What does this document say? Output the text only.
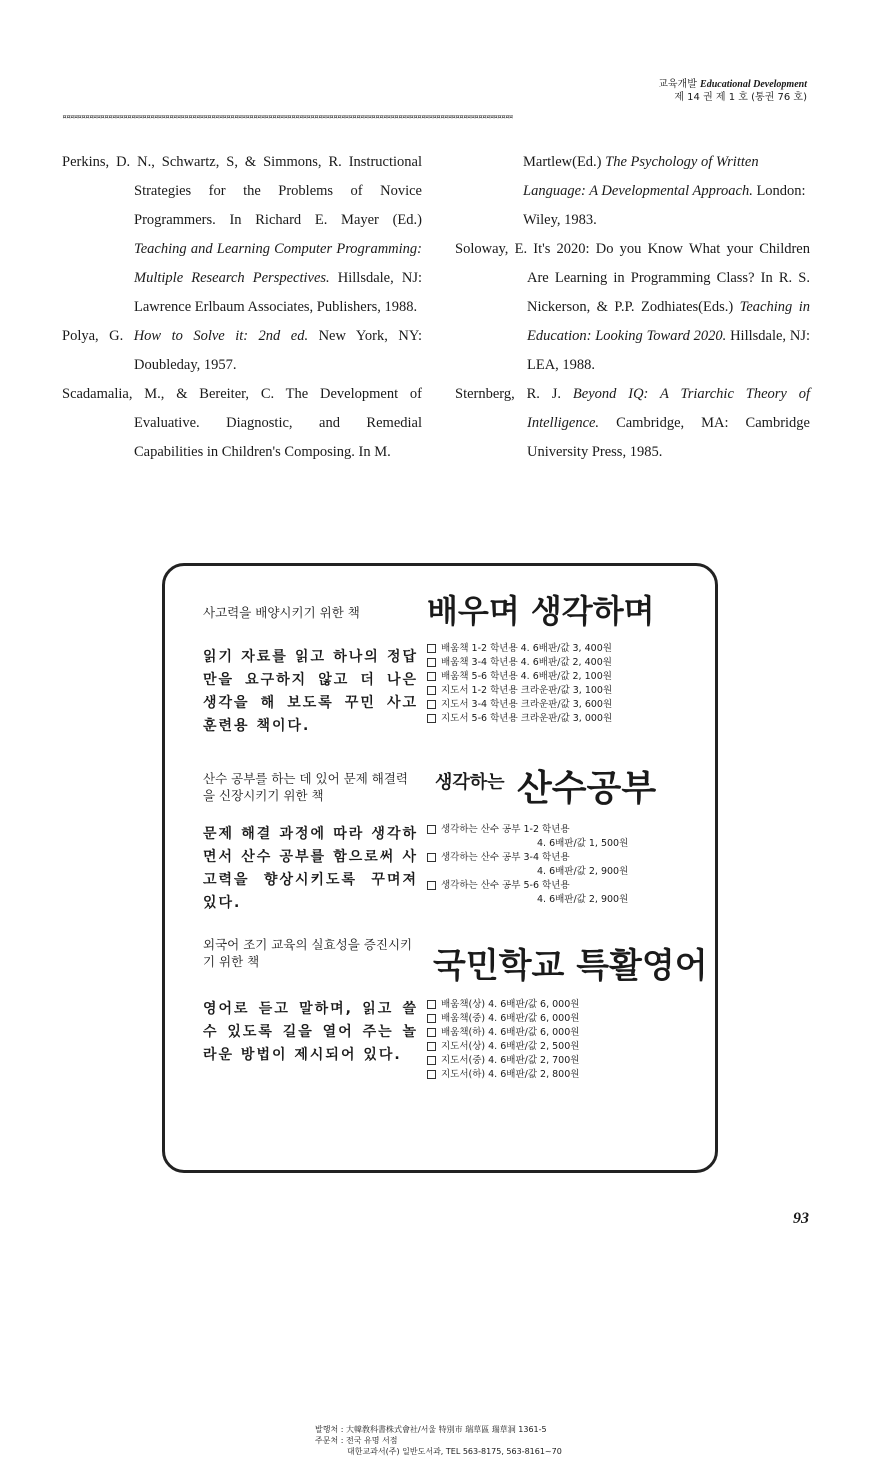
교육개발 Educational Development
제 14 권 제 1 호 (통권 76 호)
¤¤¤¤¤¤¤¤¤¤¤¤¤¤¤¤¤¤¤¤¤¤¤¤¤¤¤¤¤¤¤¤¤¤¤¤¤¤¤¤¤¤¤¤¤¤¤¤¤¤¤¤¤¤¤¤¤¤¤¤¤¤¤¤¤¤¤¤¤¤¤¤¤¤¤¤¤¤¤¤¤¤¤¤¤¤¤¤¤¤¤¤¤¤¤¤¤¤¤¤¤¤¤¤¤¤¤¤¤¤¤¤¤¤¤¤¤¤
Perkins, D. N., Schwartz, S, & Simmons, R. Instructional Strategies for the Problems of Novice Programmers. In Richard E. Mayer (Ed.) Teaching and Learning Computer Programming: Multiple Research Perspectives. Hillsdale, NJ: Lawrence Erlbaum Associates, Publishers, 1988.
Polya, G. How to Solve it: 2nd ed. New York, NY: Doubleday, 1957.
Scadamalia, M., & Bereiter, C. The Development of Evaluative. Diagnostic, and Remedial Capabilities in Children's Composing. In M.
Martlew(Ed.) The Psychology of Written Language: A Developmental Approach. London: Wiley, 1983.
Soloway, E. It's 2020: Do you Know What your Children Are Learning in Programming Class? In R. S. Nickerson, & P.P. Zodhiates(Eds.) Teaching in Education: Looking Toward 2020. Hillsdale, NJ: LEA, 1988.
Sternberg, R. J. Beyond IQ: A Triarchic Theory of Intelligence. Cambridge, MA: Cambridge University Press, 1985.
사고력을 배양시키기 위한 책	배우며 생각하며
읽기 자료를 읽고 하나의 정답만을 요구하지 않고 더 나은 생각을 해 보도록 꾸민 사고 훈련용 책이다.
배움책 1-2 학년용 4. 6배판/값 3, 400원
배움책 3-4 학년용 4. 6배판/값 2, 400원
배움책 5-6 학년용 4. 6배판/값 2, 100원
지도서 1-2 학년용 크라운판/값 3, 100원
지도서 3-4 학년용 크라운판/값 3, 600원
지도서 5-6 학년용 크라운판/값 3, 000원
산수 공부를 하는 데 있어 문제 해결력을 신장시키기 위한 책
생각하는 산수공부
문제 해결 과정에 따라 생각하면서 산수 공부를 함으로써 사고력을 향상시키도록 꾸며져 있다.
생각하는 산수 공부 1-2 학년용
4. 6배판/값 1, 500원
생각하는 산수 공부 3-4 학년용
4. 6배판/값 2, 900원
생각하는 산수 공부 5-6 학년용
4. 6배판/값 2, 900원
외국어 조기 교육의 실효성을 증진시키기 위한 책	국민학교 특활영어
영어로 듣고 말하며, 읽고 쓸 수 있도록 길을 열어 주는 놀라운 방법이 제시되어 있다.
배움책(상) 4. 6배판/값 6, 000원
배움책(중) 4. 6배판/값 6, 000원
배움책(하) 4. 6배판/값 6, 000원
지도서(상) 4. 6배판/값 2, 500원
지도서(중) 4. 6배판/값 2, 700원
지도서(하) 4. 6배판/값 2, 800원
발행처 : 大韓敎科書株式會社/서울 特別市 瑞草區 瑞草洞 1361-5
주문처 : 전국 유명 서점
대한교과서(주) 일반도서과, TEL 563-8175, 563-8161~70
93
